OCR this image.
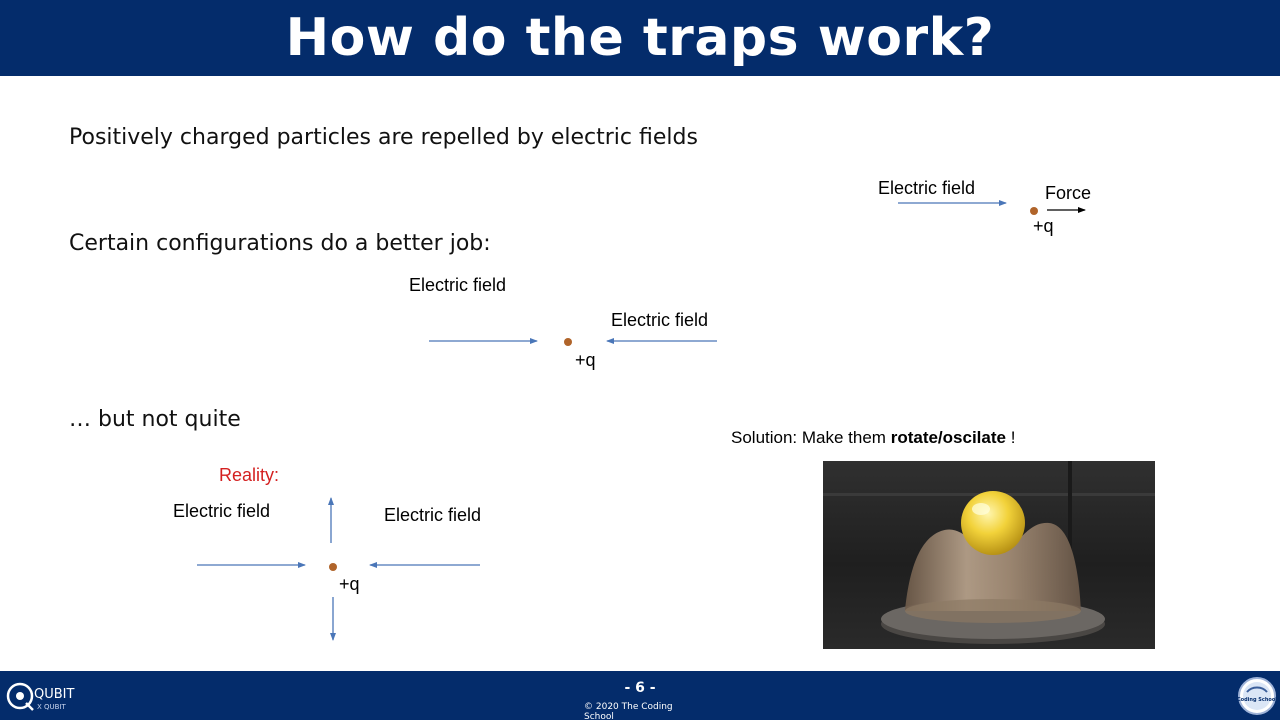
How do the traps work?
Positively charged particles are repelled by electric fields
Certain configurations do a better job:
… but not quite
Electric field	Force
+q
Electric field
Electric field
+q
Reality:
Electric field	Electric field
+q
Solution: Make them rotate/oscilate !
- 6 -
© 2020 The Coding School
QUBIT
X QUBIT
Coding School
